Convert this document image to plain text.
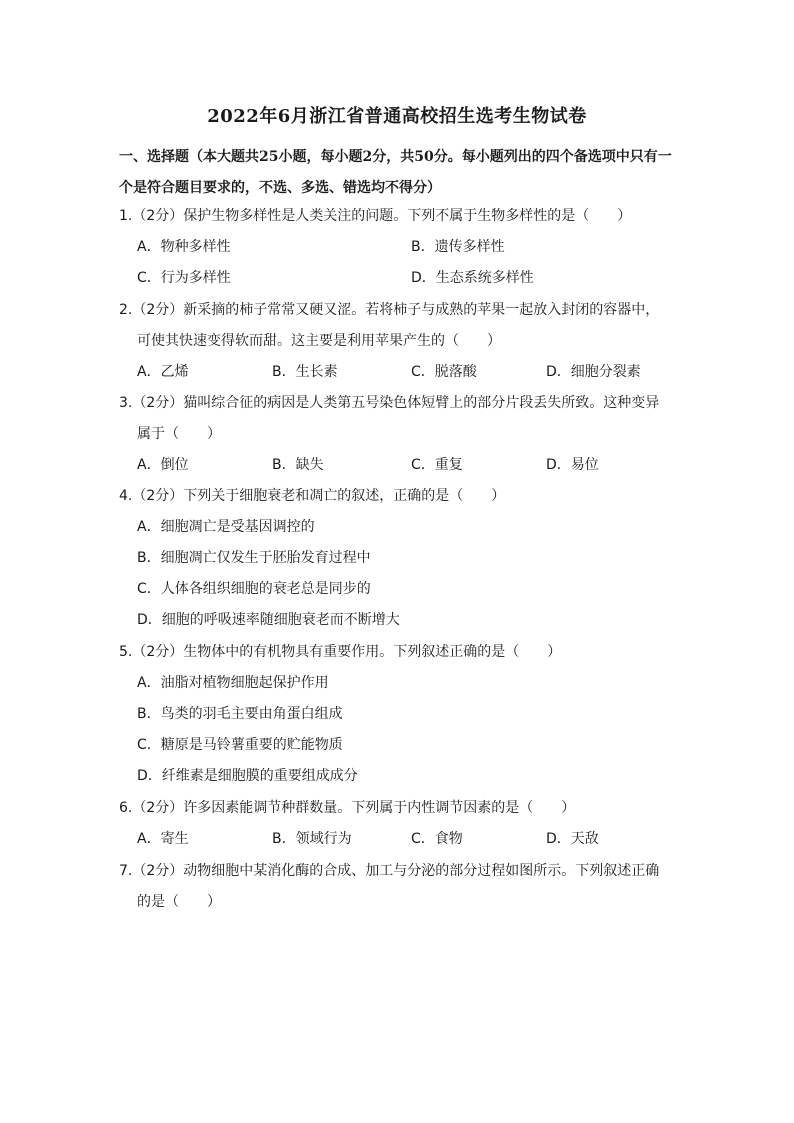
2022年6月浙江省普通高校招生选考生物试卷
一、选择题（本大题共25小题，每小题2分，共50分。每小题列出的四个备选项中只有一个是符合题目要求的，不选、多选、错选均不得分）
1.（2分）保护生物多样性是人类关注的问题。下列不属于生物多样性的是（　　）
A．物种多样性	B．遗传多样性
C．行为多样性	D．生态系统多样性
2.（2分）新采摘的柿子常常又硬又涩。若将柿子与成熟的苹果一起放入封闭的容器中，
可使其快速变得软而甜。这主要是利用苹果产生的（　　）
A．乙烯	B．生长素	C．脱落酸	D．细胞分裂素
3.（2分）猫叫综合征的病因是人类第五号染色体短臂上的部分片段丢失所致。这种变异
属于（　　）
A．倒位	B．缺失	C．重复	D．易位
4.（2分）下列关于细胞衰老和凋亡的叙述，正确的是（　　）
A．细胞凋亡是受基因调控的
B．细胞凋亡仅发生于胚胎发育过程中
C．人体各组织细胞的衰老总是同步的
D．细胞的呼吸速率随细胞衰老而不断增大
5.（2分）生物体中的有机物具有重要作用。下列叙述正确的是（　　）
A．油脂对植物细胞起保护作用
B．鸟类的羽毛主要由角蛋白组成
C．糖原是马铃薯重要的贮能物质
D．纤维素是细胞膜的重要组成成分
6.（2分）许多因素能调节种群数量。下列属于内性调节因素的是（　　）
A．寄生	B．领域行为	C．食物	D．天敌
7.（2分）动物细胞中某消化酶的合成、加工与分泌的部分过程如图所示。下列叙述正确
的是（　　）
